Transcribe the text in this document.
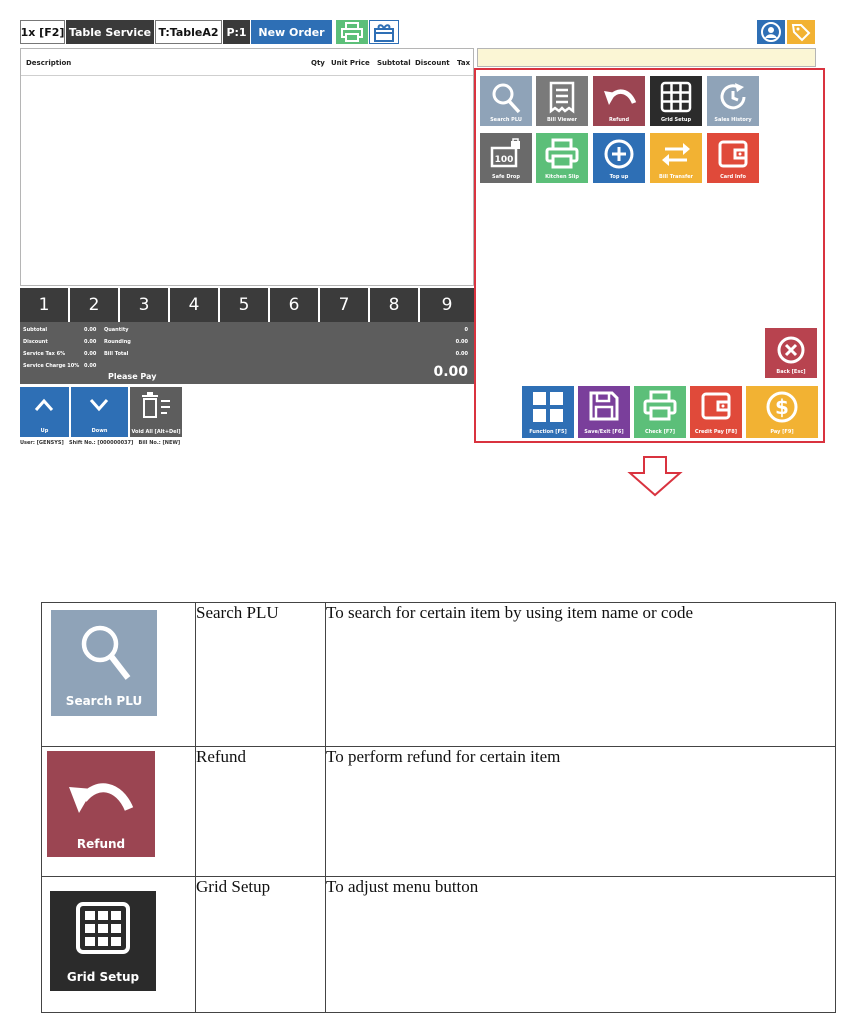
1x [F2] Table Service T:TableA2 P:1	New Order
Description	Qty Unit Price Subtotal Discount Tax
1	2	3	4	5	6	7	8	9
Subtotal	0.00
Discount	0.00
Service Tax 6%	0.00
Service Charge 10% 0.00
Quantity	0
Rounding	0.00
Bill Total	0.00
Please Pay	0.00
Up	Down	Void All [Alt+Del]
User: [GENSYS] Shift No.: [000000037] Bill No.: [NEW]
Search PLU	Bill Viewer	Refund	Grid Setup	Sales History
100
Safe Drop	Kitchen Slip	Top up	Bill Transfer	Card Info
Back [Esc]
Function [F5]	Save/Exit [F6]	Check [F7]	Credit Pay [F8]
$
Pay [F9]
Search PLU	Search PLU	To search for certain item by using item name or code

Refund	Refund	To perform refund for certain item

Grid Setup	Grid Setup	To adjust menu button
